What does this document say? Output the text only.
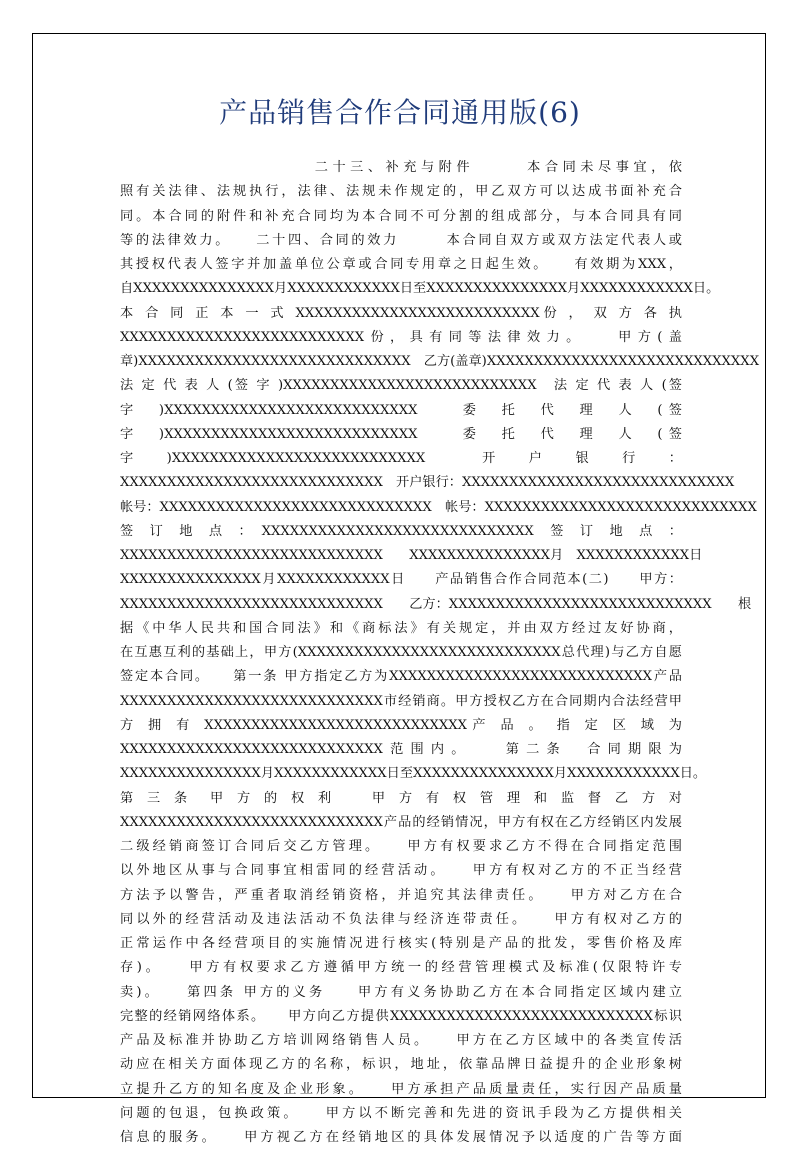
产品销售合作合同通用版(6)
　　　　　　　　　　　二十三、补充与附件　　　本合同未尽事宜，依
照有关法律、法规执行，法律、法规未作规定的，甲乙双方可以达成书面补充合
同。本合同的附件和补充合同均为本合同不可分割的组成部分，与本合同具有同
等的法律效力。　　二十四、合同的效力　　　本合同自双方或双方法定代表人或
其授权代表人签字并加盖单位公章或合同专用章之日起生效。　　有效期为XXX，
自XXXXXXXXXXXXXXX月XXXXXXXXXXXX日至XXXXXXXXXXXXXXX月XXXXXXXXXXXX日。
本 合 同 正 本 一 式 XXXXXXXXXXXXXXXXXXXXXXXXXX份 ， 双 方 各 执
XXXXXXXXXXXXXXXXXXXXXXXXXX份，具有同等法律效力。　　甲方(盖
章)XXXXXXXXXXXXXXXXXXXXXXXXXXXXX　乙方(盖章)XXXXXXXXXXXXXXXXXXXXXXXXXXXXX
法 定 代 表 人 (签 字 )XXXXXXXXXXXXXXXXXXXXXXXXXXX　法 定 代 表 人 (签
字　)XXXXXXXXXXXXXXXXXXXXXXXXXXX　　委　托　代　理　人　(签
字　)XXXXXXXXXXXXXXXXXXXXXXXXXXX　　委　托　代　理　人　(签
字　)XXXXXXXXXXXXXXXXXXXXXXXXXXX　　开　户　银　行　：
XXXXXXXXXXXXXXXXXXXXXXXXXXXX　开户银行：XXXXXXXXXXXXXXXXXXXXXXXXXXXXX
帐号：XXXXXXXXXXXXXXXXXXXXXXXXXXXXX　帐号：XXXXXXXXXXXXXXXXXXXXXXXXXXXXX
签　订　地　点　：　XXXXXXXXXXXXXXXXXXXXXXXXXXXXX　签　订　地　点　：
XXXXXXXXXXXXXXXXXXXXXXXXXXXX　　XXXXXXXXXXXXXXX月　XXXXXXXXXXXX日
XXXXXXXXXXXXXXX月XXXXXXXXXXXX日　　产品销售合作合同范本(二)　　甲方：
XXXXXXXXXXXXXXXXXXXXXXXXXXXX　　乙方：XXXXXXXXXXXXXXXXXXXXXXXXXXXX　　根
据《中华人民共和国合同法》和《商标法》有关规定，并由双方经过友好协商，
在互惠互利的基础上，甲方(XXXXXXXXXXXXXXXXXXXXXXXXXXXX总代理)与乙方自愿
签定本合同。　　第一条 甲方指定乙方为XXXXXXXXXXXXXXXXXXXXXXXXXXXX产品
XXXXXXXXXXXXXXXXXXXXXXXXXXXX市经销商。甲方授权乙方在合同期内合法经营甲
方 拥 有 XXXXXXXXXXXXXXXXXXXXXXXXXXXX产 品 。 指 定 区 域 为
XXXXXXXXXXXXXXXXXXXXXXXXXXXX范围内。　　第二条　合同期限为
XXXXXXXXXXXXXXX月XXXXXXXXXXXX日至XXXXXXXXXXXXXXX月XXXXXXXXXXXX日。
第 三 条　甲 方 的 权 利　　甲 方 有 权 管 理 和 监 督 乙 方 对
XXXXXXXXXXXXXXXXXXXXXXXXXXXX产品的经销情况，甲方有权在乙方经销区内发展
二级经销商签订合同后交乙方管理。　　甲方有权要求乙方不得在合同指定范围
以外地区从事与合同事宜相雷同的经营活动。　　甲方有权对乙方的不正当经营
方法予以警告，严重者取消经销资格，并追究其法律责任。　　甲方对乙方在合
同以外的经营活动及违法活动不负法律与经济连带责任。　　甲方有权对乙方的
正常运作中各经营项目的实施情况进行核实(特别是产品的批发，零售价格及库
存)。　　甲方有权要求乙方遵循甲方统一的经营管理模式及标准(仅限特许专
卖)。　　第四条 甲方的义务　　甲方有义务协助乙方在本合同指定区域内建立
完整的经销网络体系。　　甲方向乙方提供XXXXXXXXXXXXXXXXXXXXXXXXXXXX标识
产品及标准并协助乙方培训网络销售人员。　　甲方在乙方区域中的各类宣传活
动应在相关方面体现乙方的名称，标识，地址，依靠品牌日益提升的企业形象树
立提升乙方的知名度及企业形象。　　甲方承担产品质量责任，实行因产品质量
问题的包退，包换政策。　　甲方以不断完善和先进的资讯手段为乙方提供相关
信息的服务。　　甲方视乙方在经销地区的具体发展情况予以适度的广告等方面
